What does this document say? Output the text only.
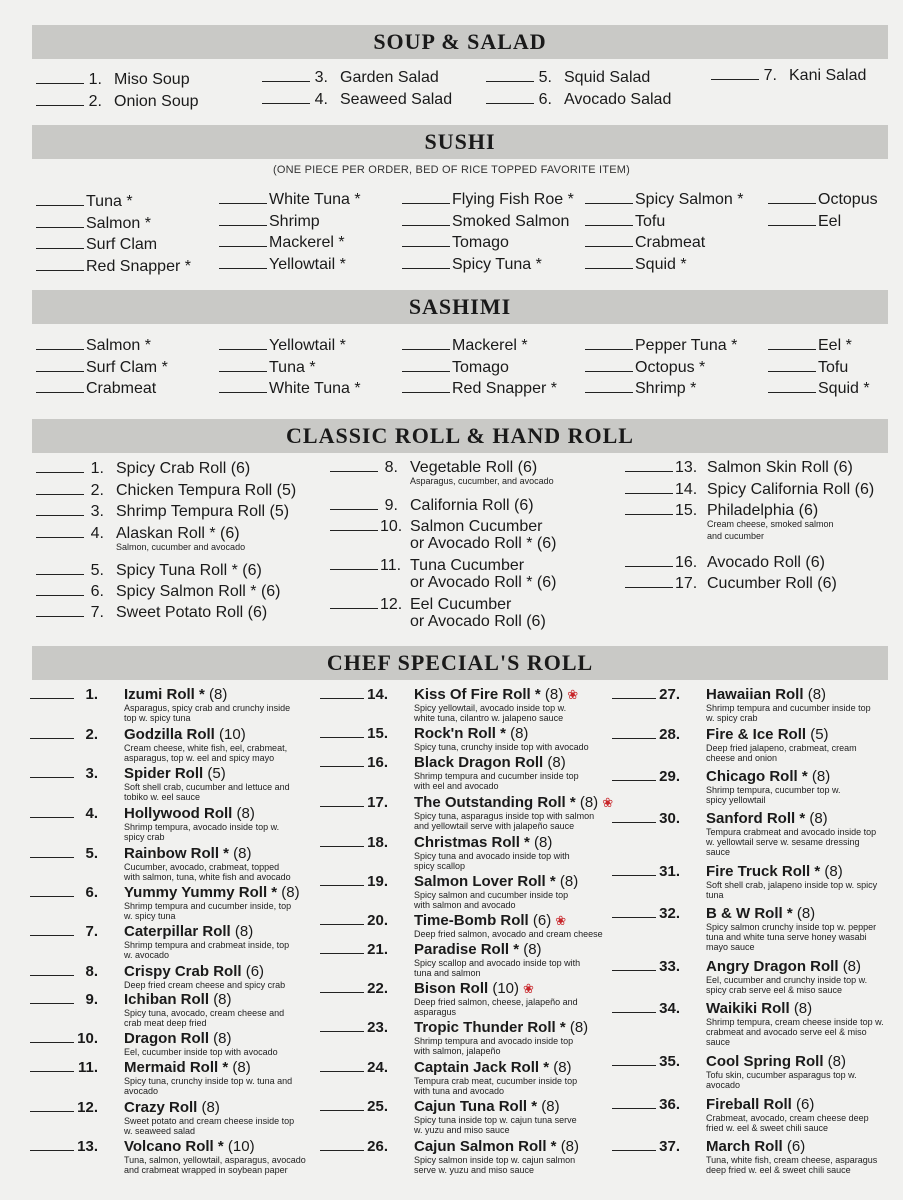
SOUP & SALAD
SUSHI
(ONE PIECE PER ORDER, BED OF RICE TOPPED FAVORITE ITEM)
SASHIMI
CLASSIC ROLL & HAND ROLL
CHEF SPECIAL'S ROLL
1. Miso Soup
2. Onion Soup
3. Garden Salad
4. Seaweed Salad
5. Squid Salad
6. Avocado Salad
7. Kani Salad
Tuna *
Salmon *
Surf Clam
Red Snapper *
White Tuna *
Shrimp
Mackerel *
Yellowtail *
Flying Fish Roe *
Smoked Salmon
Tomago
Spicy Tuna *
Spicy Salmon *
Tofu
Crabmeat
Squid *
Octopus
Eel
Salmon *
Surf Clam *
Crabmeat
Yellowtail *
Tuna *
White Tuna *
Mackerel *
Tomago
Red Snapper *
Pepper Tuna *
Octopus *
Shrimp *
Eel *
Tofu
Squid *
1. Spicy Crab Roll (6)
2. Chicken Tempura Roll (5)
3. Shrimp Tempura Roll (5)
4. Alaskan Roll * (6)
Salmon, cucumber and avocado
5. Spicy Tuna Roll * (6)
6. Spicy Salmon Roll * (6)
7. Sweet Potato Roll (6)
8. Vegetable Roll (6)
Asparagus, cucumber, and avocado
9. California Roll (6)
10. Salmon Cucumber
or Avocado Roll * (6)
11. Tuna Cucumber
or Avocado Roll * (6)
12. Eel Cucumber
or Avocado Roll (6)
13. Salmon Skin Roll (6)
14. Spicy California Roll (6)
15. Philadelphia (6)
Cream cheese, smoked salmon
and cucumber
16. Avocado Roll (6)
17. Cucumber Roll (6)
1. Izumi Roll * (8)
Asparagus, spicy crab and crunchy inside
top w. spicy tuna
2. Godzilla Roll (10)
Cream cheese, white fish, eel, crabmeat,
asparagus, top w. eel and spicy mayo
3. Spider Roll (5)
Soft shell crab, cucumber and lettuce and
tobiko w. eel sauce
4. Hollywood Roll (8)
Shrimp tempura, avocado inside top w.
spicy crab
5. Rainbow Roll * (8)
Cucumber, avocado, crabmeat, topped
with salmon, tuna, white fish and avocado
6. Yummy Yummy Roll * (8)
Shrimp tempura and cucumber inside, top
w. spicy tuna
7. Caterpillar Roll (8)
Shrimp tempura and crabmeat inside, top
w. avocado
8. Crispy Crab Roll (6)
Deep fried cream cheese and spicy crab
9. Ichiban Roll (8)
Spicy tuna, avocado, cream cheese and
crab meat deep fried
10. Dragon Roll (8)
Eel, cucumber inside top with avocado
11. Mermaid Roll * (8)
Spicy tuna, crunchy inside top w. tuna and
avocado
12. Crazy Roll (8)
Sweet potato and cream cheese inside top
w. seaweed salad
13. Volcano Roll * (10)
Tuna, salmon, yellowtail, asparagus, avocado
and crabmeat wrapped in soybean paper
14. Kiss Of Fire Roll * (8) ❀
Spicy yellowtail, avocado inside top w.
white tuna, cilantro w. jalapeno sauce
15. Rock'n Roll * (8)
Spicy tuna, crunchy inside top with avocado
16. Black Dragon Roll (8)
Shrimp tempura and cucumber inside top
with eel and avocado
17. The Outstanding Roll * (8) ❀
Spicy tuna, asparagus inside top with salmon
and yellowtail serve with jalapeño sauce
18. Christmas Roll * (8)
Spicy tuna and avocado inside top with
spicy scallop
19. Salmon Lover Roll * (8)
Spicy salmon and cucumber inside top
with salmon and avocado
20. Time-Bomb Roll (6) ❀
Deep fried salmon, avocado and cream cheese
21. Paradise Roll * (8)
Spicy scallop and avocado inside top with
tuna and salmon
22. Bison Roll (10) ❀
Deep fried salmon, cheese, jalapeño and
asparagus
23. Tropic Thunder Roll * (8)
Shrimp tempura and avocado inside top
with salmon, jalapeño
24. Captain Jack Roll * (8)
Tempura crab meat, cucumber inside top
with tuna and avocado
25. Cajun Tuna Roll * (8)
Spicy tuna inside top w. cajun tuna serve
w. yuzu and miso sauce
26. Cajun Salmon Roll * (8)
Spicy salmon inside top w. cajun salmon
serve w. yuzu and miso sauce
27. Hawaiian Roll (8)
Shrimp tempura and cucumber inside top
w. spicy crab
28. Fire & Ice Roll (5)
Deep fried jalapeno, crabmeat, cream
cheese and onion
29. Chicago Roll * (8)
Shrimp tempura, cucumber top w.
spicy yellowtail
30. Sanford Roll * (8)
Tempura crabmeat and avocado inside top
w. yellowtail serve w. sesame dressing
sauce
31. Fire Truck Roll * (8)
Soft shell crab, jalapeno inside top w. spicy
tuna
32. B & W Roll * (8)
Spicy salmon crunchy inside top w. pepper
tuna and white tuna serve honey wasabi
mayo sauce
33. Angry Dragon Roll (8)
Eel, cucumber and crunchy inside top w.
spicy crab serve eel & miso sauce
34. Waikiki Roll (8)
Shrimp tempura, cream cheese inside top w.
crabmeat and avocado serve eel & miso
sauce
35. Cool Spring Roll (8)
Tofu skin, cucumber asparagus top w.
avocado
36. Fireball Roll (6)
Crabmeat, avocado, cream cheese deep
fried w. eel & sweet chili sauce
37. March Roll (6)
Tuna, white fish, cream cheese, asparagus
deep fried w. eel & sweet chili sauce
